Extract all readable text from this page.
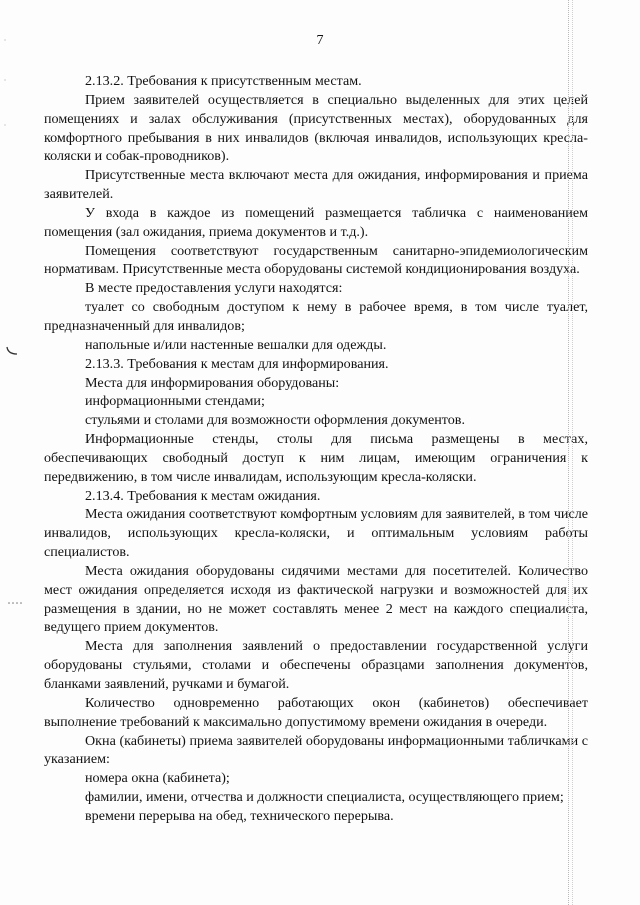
7

2.13.2. Требования к присутственным местам.

Прием заявителей осуществляется в специально выделенных для этих целей помещениях и залах обслуживания (присутственных местах), оборудованных для комфортного пребывания в них инвалидов (включая инвалидов, использующих кресла-коляски и собак-проводников).

Присутственные места включают места для ожидания, информирования и приема заявителей.

У входа в каждое из помещений размещается табличка с наименованием помещения (зал ожидания, приема документов и т.д.).

Помещения соответствуют государственным санитарно-эпидемиологическим нормативам. Присутственные места оборудованы системой кондиционирования воздуха.

В месте предоставления услуги находятся:

туалет со свободным доступом к нему в рабочее время, в том числе туалет, предназначенный для инвалидов;

напольные и/или настенные вешалки для одежды.

2.13.3. Требования к местам для информирования.

Места для информирования оборудованы:

информационными стендами;

стульями и столами для возможности оформления документов.

Информационные стенды, столы для письма размещены в местах, обеспечивающих свободный доступ к ним лицам, имеющим ограничения к передвижению, в том числе инвалидам, использующим кресла-коляски.

2.13.4. Требования к местам ожидания.

Места ожидания соответствуют комфортным условиям для заявителей, в том числе инвалидов, использующих кресла-коляски, и оптимальным условиям работы специалистов.

Места ожидания оборудованы сидячими местами для посетителей. Количество мест ожидания определяется исходя из фактической нагрузки и возможностей для их размещения в здании, но не может составлять менее 2 мест на каждого специалиста, ведущего прием документов.

Места для заполнения заявлений о предоставлении государственной услуги оборудованы стульями, столами и обеспечены образцами заполнения документов, бланками заявлений, ручками и бумагой.

Количество одновременно работающих окон (кабинетов) обеспечивает выполнение требований к максимально допустимому времени ожидания в очереди.

Окна (кабинеты) приема заявителей оборудованы информационными табличками с указанием:

номера окна (кабинета);

фамилии, имени, отчества и должности специалиста, осуществляющего прием;

времени перерыва на обед, технического перерыва.
